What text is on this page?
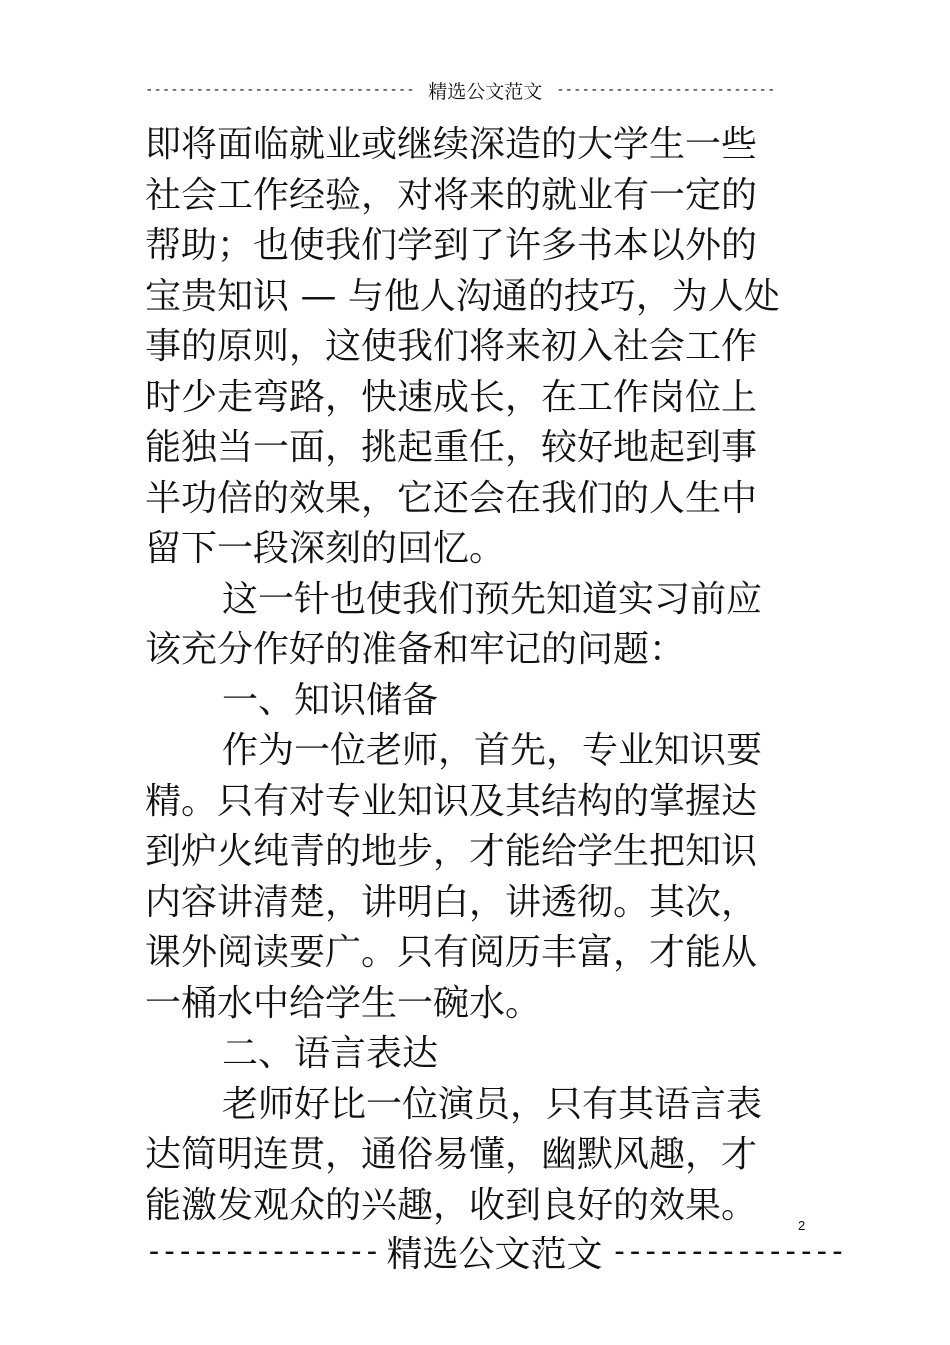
-------------------------------- 精选公文范文 --------------------------
即将面临就业或继续深造的大学生一些
社会工作经验，对将来的就业有一定的
帮助；也使我们学到了许多书本以外的
宝贵知识 — 与他人沟通的技巧，为人处
事的原则，这使我们将来初入社会工作
时少走弯路，快速成长，在工作岗位上
能独当一面，挑起重任，较好地起到事
半功倍的效果，它还会在我们的人生中
留下一段深刻的回忆。
这一针也使我们预先知道实习前应
该充分作好的准备和牢记的问题：
一、知识储备
作为一位老师，首先，专业知识要
精。只有对专业知识及其结构的掌握达
到炉火纯青的地步，才能给学生把知识
内容讲清楚，讲明白，讲透彻。其次，
课外阅读要广。只有阅历丰富，才能从
一桶水中给学生一碗水。
二、语言表达
老师好比一位演员，只有其语言表
达简明连贯，通俗易懂，幽默风趣，才
能激发观众的兴趣，收到良好的效果。	2
--------------- 精选公文范文 ---------------
